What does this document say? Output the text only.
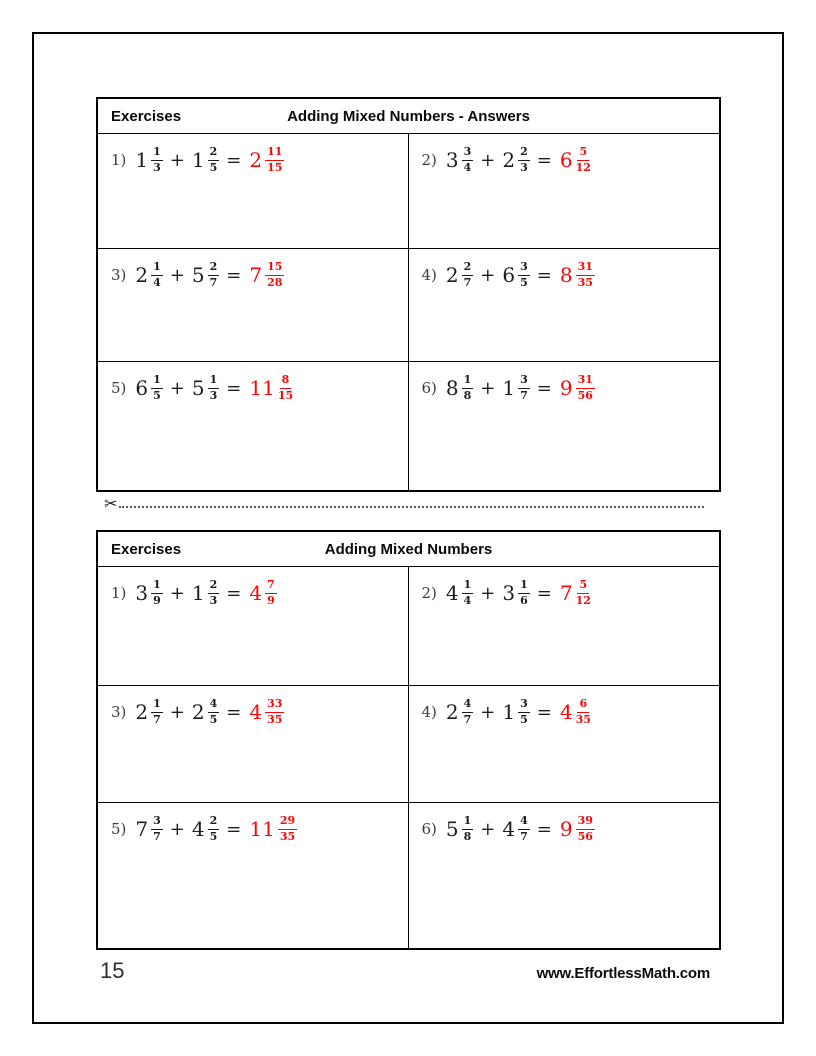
Exercises	Adding Mixed Numbers - Answers
1) $1 \frac{1}{3} + 1 \frac{2}{5} = 2 \frac{11}{15}$	2) $3 \frac{3}{4} + 2 \frac{2}{3} = 6 \frac{5}{12}$
3) $2 \frac{1}{4} + 5 \frac{2}{7} = 7 \frac{15}{28}$	4) $2 \frac{2}{7} + 6 \frac{3}{5} = 8 \frac{31}{35}$
5) $6 \frac{1}{5} + 5 \frac{1}{3} = 11 \frac{8}{15}$	6) $8 \frac{1}{8} + 1 \frac{3}{7} = 9 \frac{31}{56}$
✂
Exercises	Adding Mixed Numbers
1) $3 \frac{1}{9} + 1 \frac{2}{3} = 4 \frac{7}{9}$	2) $4 \frac{1}{4} + 3 \frac{1}{6} = 7 \frac{5}{12}$
3) $2 \frac{1}{7} + 2 \frac{4}{5} = 4 \frac{33}{35}$	4) $2 \frac{4}{7} + 1 \frac{3}{5} = 4 \frac{6}{35}$
5) $7 \frac{3}{7} + 4 \frac{2}{5} = 11 \frac{29}{35}$	6) $5 \frac{1}{8} + 4 \frac{4}{7} = 9 \frac{39}{56}$
15	www.EffortlessMath.com
